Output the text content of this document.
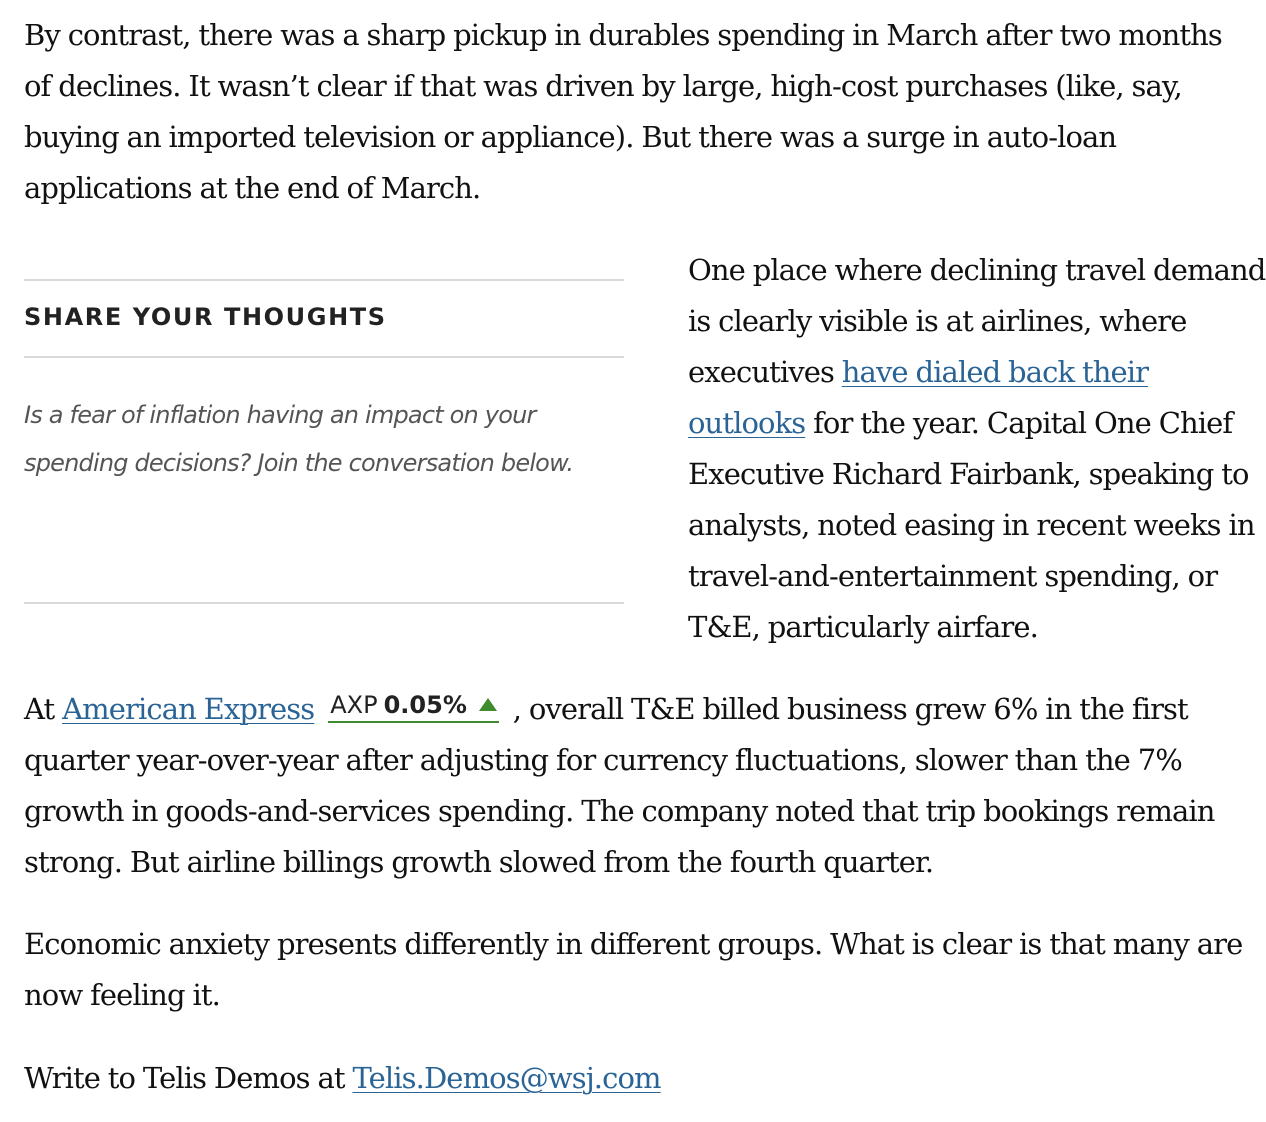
By contrast, there was a sharp pickup in durables spending in March after two months of declines. It wasn’t clear if that was driven by large, high-cost purchases (like, say, buying an imported television or appliance). But there was a surge in auto-loan applications at the end of March.

SHARE YOUR THOUGHTS

Is a fear of inflation having an impact on your spending decisions? Join the conversation below.

One place where declining travel demand is clearly visible is at airlines, where executives have dialed back their outlooks for the year. Capital One Chief Executive Richard Fairbank, speaking to analysts, noted easing in recent weeks in travel-and-entertainment spending, or T&E, particularly airfare.

At American Express AXP 0.05% , overall T&E billed business grew 6% in the first quarter year-over-year after adjusting for currency fluctuations, slower than the 7% growth in goods-and-services spending. The company noted that trip bookings remain strong. But airline billings growth slowed from the fourth quarter.

Economic anxiety presents differently in different groups. What is clear is that many are now feeling it.

Write to Telis Demos at Telis.Demos@wsj.com
